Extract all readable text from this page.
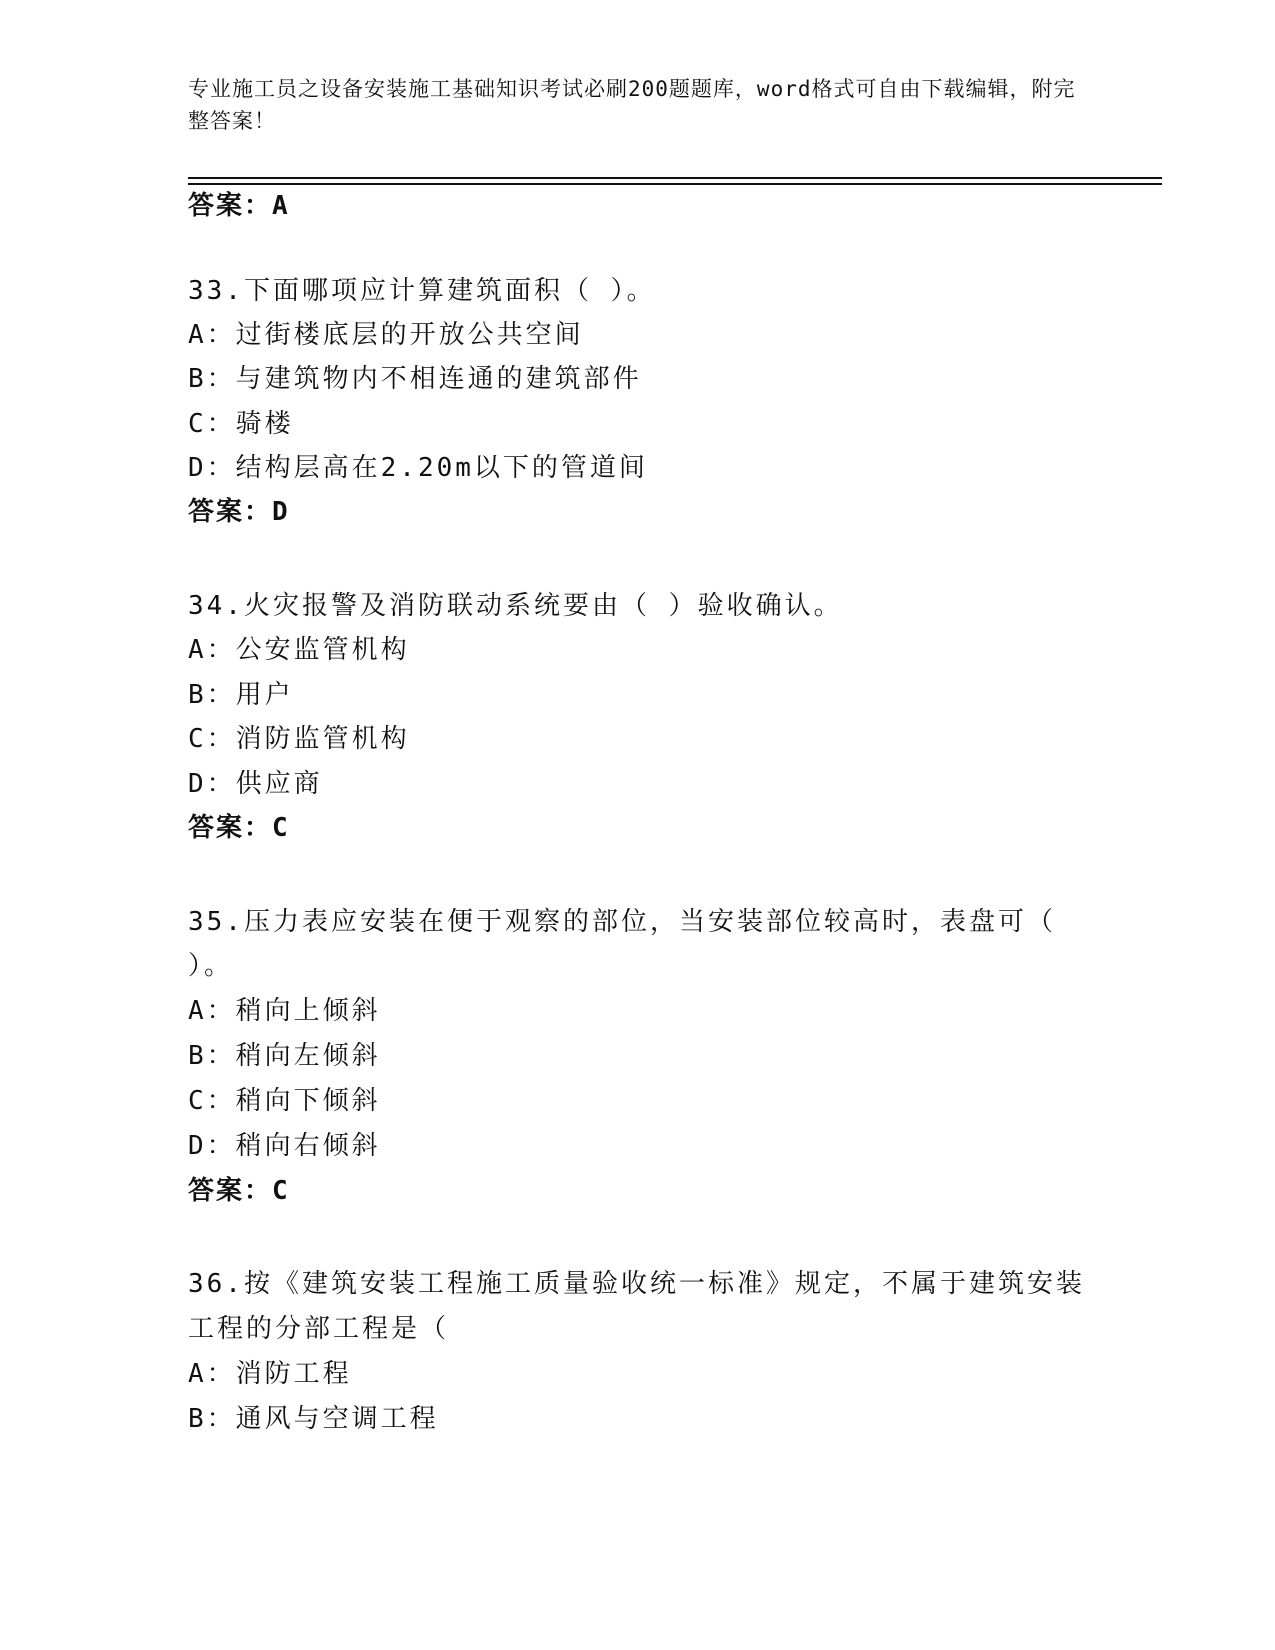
专业施工员之设备安装施工基础知识考试必刷200题题库，word格式可自由下载编辑，附完整答案！
答案：A
33.下面哪项应计算建筑面积（ ）。
A：过街楼底层的开放公共空间
B：与建筑物内不相连通的建筑部件
C：骑楼
D：结构层高在2.20m以下的管道间
答案：D
34.火灾报警及消防联动系统要由（ ）验收确认。
A：公安监管机构
B：用户
C：消防监管机构
D：供应商
答案：C
35.压力表应安装在便于观察的部位，当安装部位较高时，表盘可（
）。
A：稍向上倾斜
B：稍向左倾斜
C：稍向下倾斜
D：稍向右倾斜
答案：C
36.按《建筑安装工程施工质量验收统一标准》规定，不属于建筑安装
工程的分部工程是（
A：消防工程
B：通风与空调工程
